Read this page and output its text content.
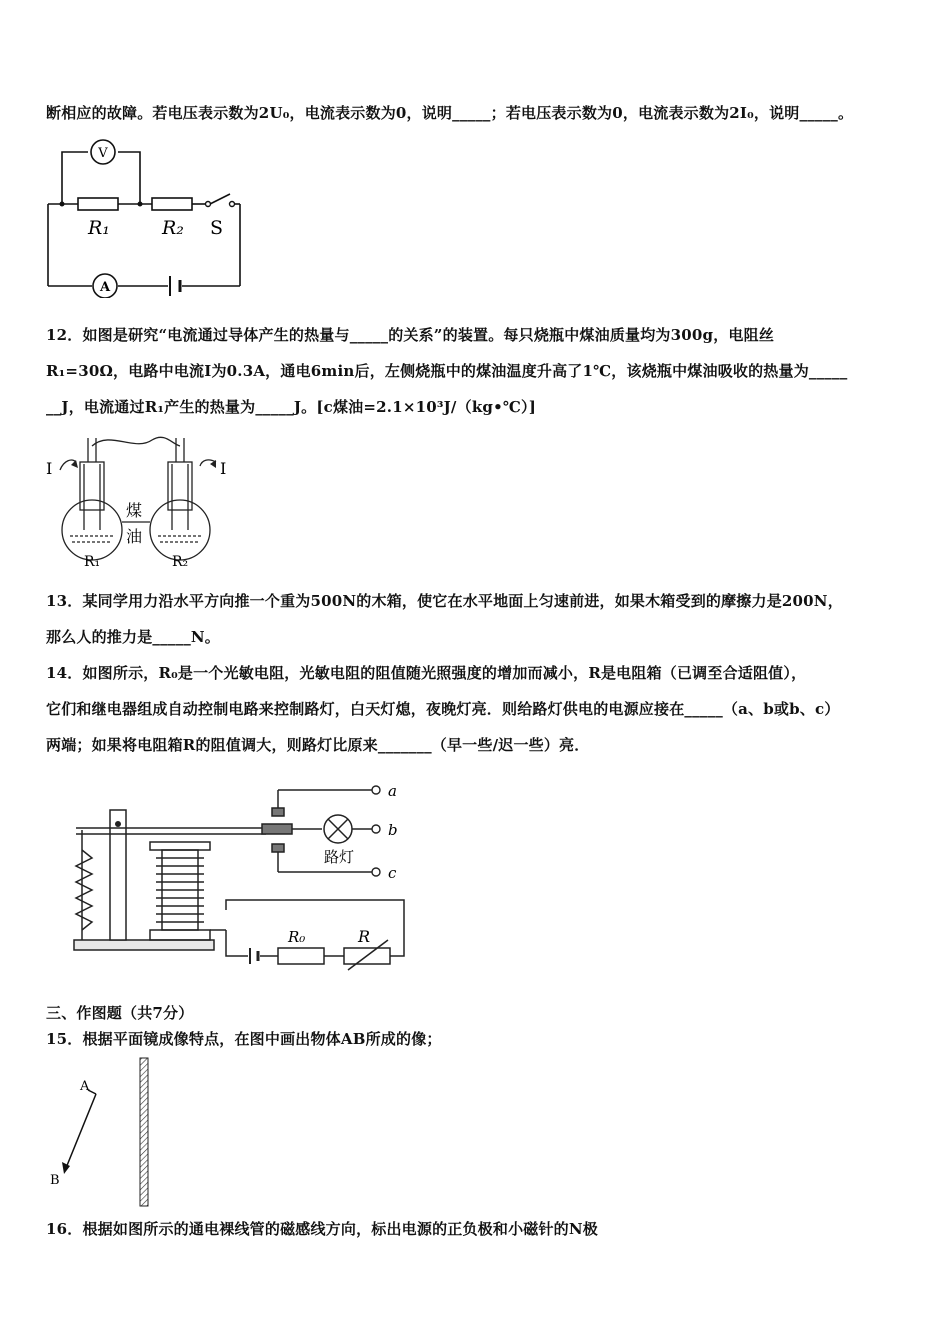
断相应的故障。若电压表示数为2U₀，电流表示数为0，说明_____；若电压表示数为0，电流表示数为2I₀，说明_____。
V
A
R₁	R₂ S
12．如图是研究“电流通过导体产生的热量与_____的关系”的装置。每只烧瓶中煤油质量均为300g，电阻丝
R₁=30Ω，电路中电流I为0.3A，通电6min后，左侧烧瓶中的煤油温度升高了1℃，该烧瓶中煤油吸收的热量为_____
__J，电流通过R₁产生的热量为_____J。[c煤油=2.1×10³J/（kg•℃）]
I	I
煤
油
R₁	R₂
13．某同学用力沿水平方向推一个重为500N的木箱，使它在水平地面上匀速前进，如果木箱受到的摩擦力是200N，
那么人的推力是_____N。
14．如图所示，R₀是一个光敏电阻，光敏电阻的阻值随光照强度的增加而减小，R是电阻箱（已调至合适阻值），
它们和继电器组成自动控制电路来控制路灯，白天灯熄，夜晚灯亮．则给路灯供电的电源应接在_____（a、b或b、c）
两端；如果将电阻箱R的阻值调大，则路灯比原来_______（早一些/迟一些）亮．
a
b
c
路灯
R₀	R
三、作图题（共7分）
15．根据平面镜成像特点，在图中画出物体AB所成的像；
A
B
16．根据如图所示的通电裸线管的磁感线方向，标出电源的正负极和小磁针的N极
